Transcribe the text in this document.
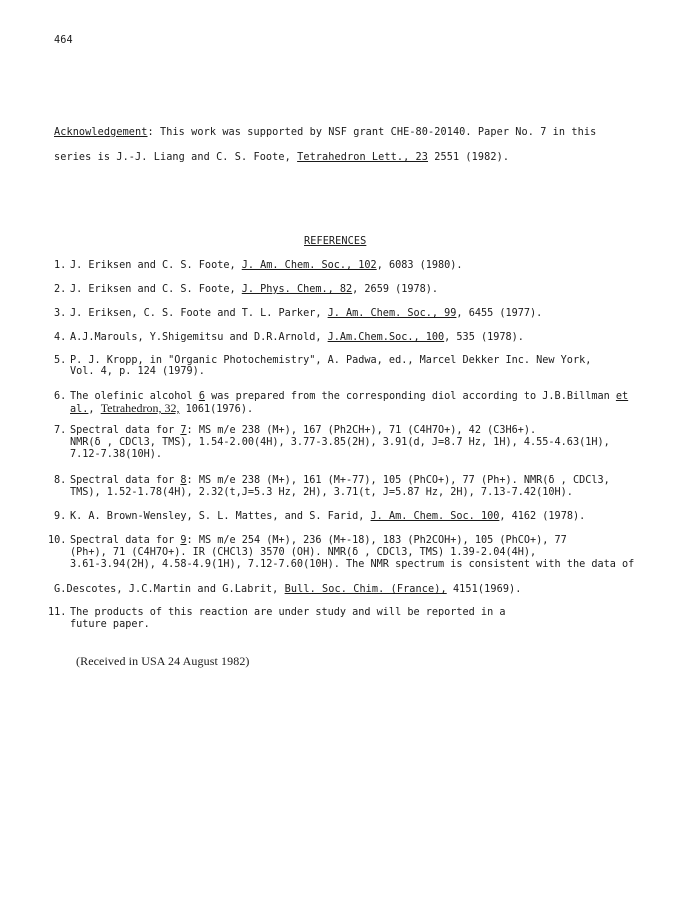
464
Acknowledgement: This work was supported by NSF grant CHE-80-20140. Paper No. 7 in this
series is J.-J. Liang and C. S. Foote, Tetrahedron Lett., 23 2551 (1982).
REFERENCES
1. J. Eriksen and C. S. Foote, J. Am. Chem. Soc., 102, 6083 (1980).
2. J. Eriksen and C. S. Foote, J. Phys. Chem., 82, 2659 (1978).
3. J. Eriksen, C. S. Foote and T. L. Parker, J. Am. Chem. Soc., 99, 6455 (1977).
4. A.J.Marouls, Y.Shigemitsu and D.R.Arnold, J.Am.Chem.Soc., 100, 535 (1978).
5. P. J. Kropp, in "Organic Photochemistry", A. Padwa, ed., Marcel Dekker Inc. New York,
Vol. 4, p. 124 (1979).
6. The olefinic alcohol 6 was prepared from the corresponding diol according to J.B.Billman et
al., Tetrahedron, 32, 1061(1976).
7. Spectral data for 7: MS m/e 238 (M+), 167 (Ph2CH+), 71 (C4H7O+), 42 (C3H6+).
NMR(δ , CDCl3, TMS), 1.54-2.00(4H), 3.77-3.85(2H), 3.91(d, J=8.7 Hz, 1H), 4.55-4.63(1H),
7.12-7.38(10H).
8. Spectral data for 8: MS m/e 238 (M+), 161 (M+-77), 105 (PhCO+), 77 (Ph+). NMR(δ , CDCl3,
TMS), 1.52-1.78(4H), 2.32(t,J=5.3 Hz, 2H), 3.71(t, J=5.87 Hz, 2H), 7.13-7.42(10H).
9. K. A. Brown-Wensley, S. L. Mattes, and S. Farid, J. Am. Chem. Soc. 100, 4162 (1978).
10. Spectral data for 9: MS m/e 254 (M+), 236 (M+-18), 183 (Ph2COH+), 105 (PhCO+), 77
(Ph+), 71 (C4H7O+). IR (CHCl3) 3570 (OH). NMR(δ , CDCl3, TMS) 1.39-2.04(4H),
3.61-3.94(2H), 4.58-4.9(1H), 7.12-7.60(10H). The NMR spectrum is consistent with the data of
G.Descotes, J.C.Martin and G.Labrit, Bull. Soc. Chim. (France), 4151(1969).
11. The products of this reaction are under study and will be reported in a
future paper.
(Received in USA 24 August 1982)
